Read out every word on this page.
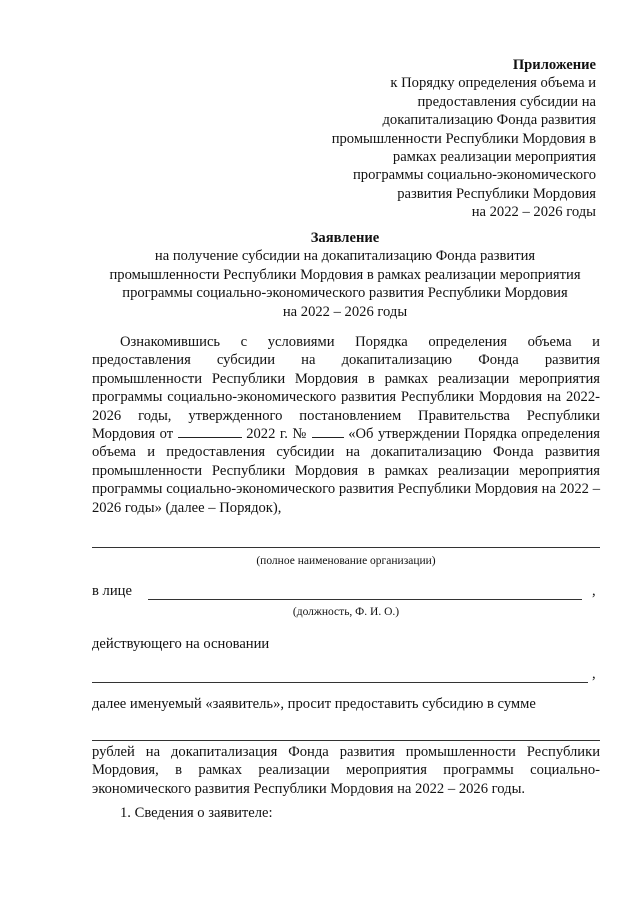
Приложение
к Порядку определения объема и
предоставления субсидии на
докапитализацию Фонда развития
промышленности Республики Мордовия в
рамках реализации мероприятия
программы социально-экономического
развития Республики Мордовия
на 2022 – 2026 годы
Заявление
на получение субсидии на докапитализацию Фонда развития
промышленности Республики Мордовия в рамках реализации мероприятия
программы социально-экономического развития Республики Мордовия
на 2022 – 2026 годы
Ознакомившись с условиями Порядка определения объема и предоставления субсидии на докапитализацию Фонда развития промышленности Республики Мордовия в рамках реализации мероприятия программы социально-экономического развития Республики Мордовия на 2022-2026 годы, утвержденного постановлением Правительства Республики Мордовия от	2022 г. №	«Об утверждении Порядка определения объема и предоставления субсидии на докапитализацию Фонда развития промышленности Республики Мордовия в рамках реализации мероприятия программы социально-экономического развития Республики Мордовия на 2022 – 2026 годы» (далее – Порядок),
(полное наименование организации)
в лице	,
(должность, Ф. И. О.)
действующего на основании
,
далее именуемый «заявитель», просит предоставить субсидию в сумме
рублей на докапитализация Фонда развития промышленности Республики Мордовия, в рамках реализации мероприятия программы социально-экономического развития Республики Мордовия на 2022 – 2026 годы.
1. Сведения о заявителе:
